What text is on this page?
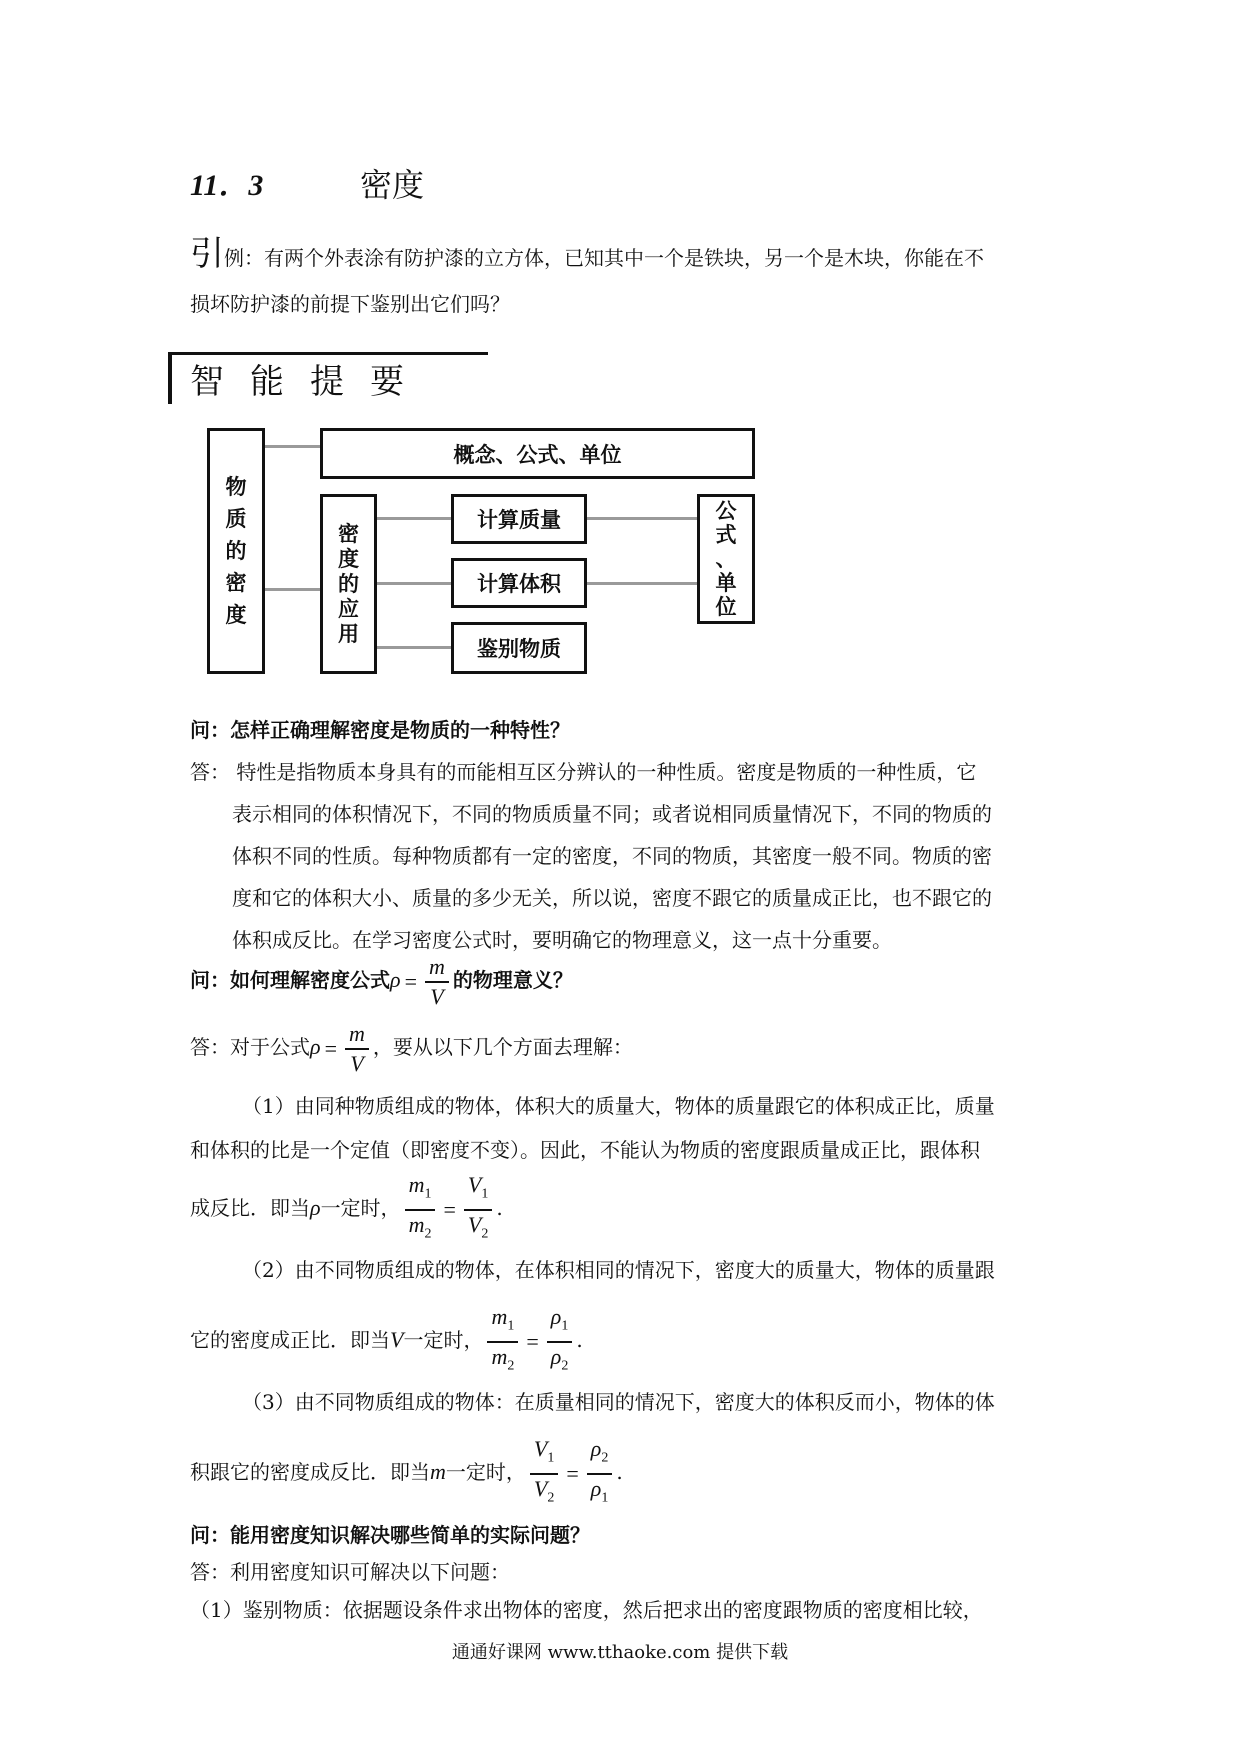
11．3	密度
引例：有两个外表涂有防护漆的立方体，已知其中一个是铁块，另一个是木块，你能在不
损坏防护漆的前提下鉴别出它们吗？
智能提要
物
质
的
密
度
概念、公式、单位
密
度
的
应
用
计算质量
计算体积
鉴别物质
公
式
、
单
位
问：怎样正确理解密度是物质的一种特性？
答： 特性是指物质本身具有的而能相互区分辨认的一种性质。密度是物质的一种性质，它
表示相同的体积情况下，不同的物质质量不同；或者说相同质量情况下，不同的物质的
体积不同的性质。每种物质都有一定的密度，不同的物质，其密度一般不同。物质的密
度和它的体积大小、质量的多少无关，所以说，密度不跟它的质量成正比，也不跟它的
体积成反比。在学习密度公式时，要明确它的物理意义，这一点十分重要。
问：如何理解密度公式$\rho = \frac{m}{V}$ 的物理意义？
答：对于公式$\rho = \frac{m}{V}$ ，要从以下几个方面去理解：
（1）由同种物质组成的物体，体积大的质量大，物体的质量跟它的体积成正比，质量
和体积的比是一个定值（即密度不变）。因此，不能认为物质的密度跟质量成正比，跟体积
成反比．即当ρ一定时， $\frac{m_1}{m_2} = \frac{V_1}{V_2}$ .
（2）由不同物质组成的物体，在体积相同的情况下，密度大的质量大，物体的质量跟
它的密度成正比．即当V一定时， $\frac{m_1}{m_2} = \frac{\rho_1}{\rho_2}$ .
（3）由不同物质组成的物体：在质量相同的情况下，密度大的体积反而小，物体的体
积跟它的密度成反比．即当m一定时， $\frac{V_1}{V_2} = \frac{\rho_2}{\rho_1}$ .
问：能用密度知识解决哪些简单的实际问题？
答：利用密度知识可解决以下问题：
（1）鉴别物质：依据题设条件求出物体的密度，然后把求出的密度跟物质的密度相比较，
通通好课网 www.tthaoke.com 提供下载
